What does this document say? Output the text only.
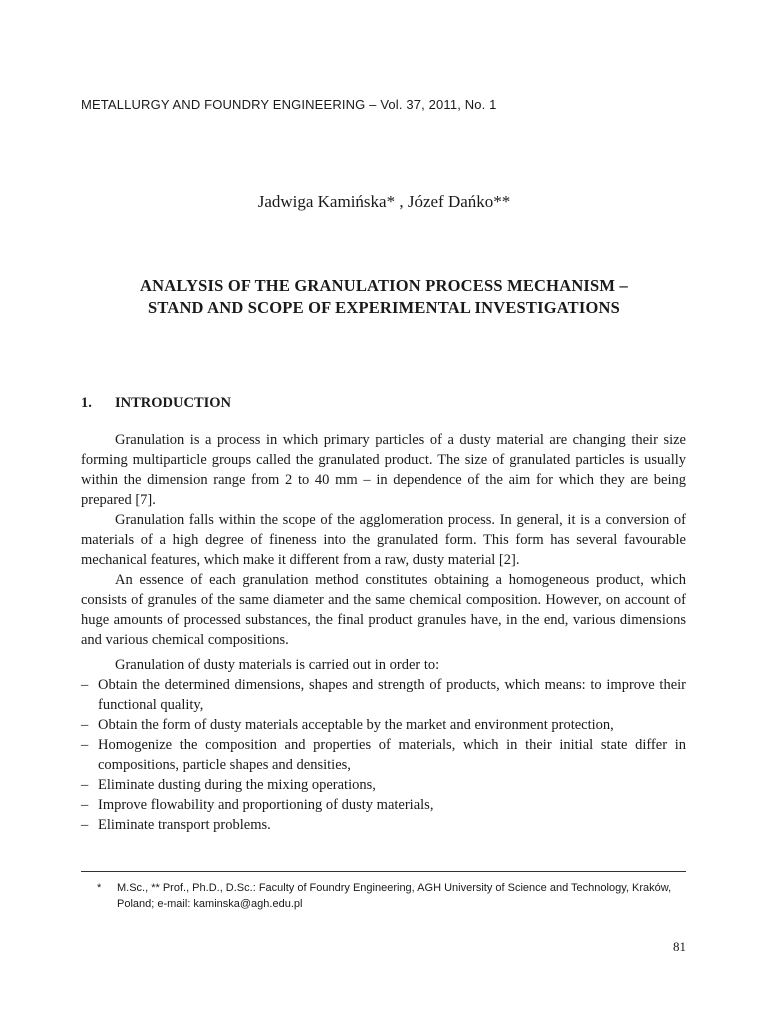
METALLURGY AND FOUNDRY ENGINEERING – Vol. 37, 2011, No. 1
Jadwiga Kamińska* , Józef Dańko**
ANALYSIS OF THE GRANULATION PROCESS MECHANISM –
STAND AND SCOPE OF EXPERIMENTAL INVESTIGATIONS
1. INTRODUCTION

Granulation is a process in which primary particles of a dusty material are changing their size forming multiparticle groups called the granulated product. The size of granulated particles is usually within the dimension range from 2 to 40 mm – in dependence of the aim for which they are being prepared [7].

Granulation falls within the scope of the agglomeration process. In general, it is a conversion of materials of a high degree of fineness into the granulated form. This form has several favourable mechanical features, which make it different from a raw, dusty material [2].

An essence of each granulation method constitutes obtaining a homogeneous product, which consists of granules of the same diameter and the same chemical composition. However, on account of huge amounts of processed substances, the final product granules have, in the end, various dimensions and various chemical compositions.

Granulation of dusty materials is carried out in order to:

– Obtain the determined dimensions, shapes and strength of products, which means: to improve their functional quality,
– Obtain the form of dusty materials acceptable by the market and environment protection,
– Homogenize the composition and properties of materials, which in their initial state differ in compositions, particle shapes and densities,
– Eliminate dusting during the mixing operations,
– Improve flowability and proportioning of dusty materials,
– Eliminate transport problems.
* M.Sc., ** Prof., Ph.D., D.Sc.: Faculty of Foundry Engineering, AGH University of Science and Technology, Kraków, Poland; e-mail: kaminska@agh.edu.pl
81
